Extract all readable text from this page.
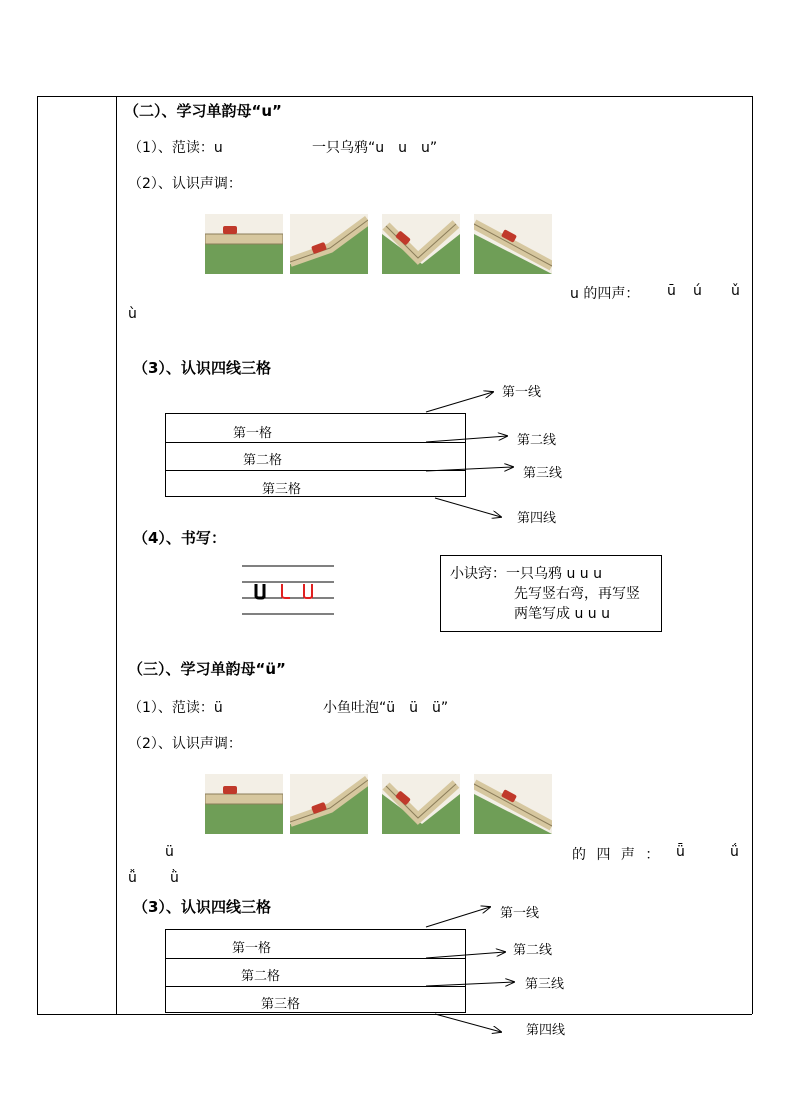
（二）、学习单韵母“u”
（1）、范读：u	一只乌鸦“u　u　u”
（2）、认识声调：
u 的四声： ū ú ǔ
ù
（3）、认识四线三格
第一格
第二格
第三格
第一线
第二线
第三线
第四线
（4）、书写：
小诀窍：一只乌鸦 u u u
先写竖右弯，再写竖
两笔写成 u u u
（三）、学习单韵母“ü”
（1）、范读：ü	小鱼吐泡“ü　ü　ü”
（2）、认识声调：
ü	的 四 声 ： ǖ	ǘ
ǚ ǜ
（3）、认识四线三格
第一格
第二格
第三格
第一线
第二线
第三线
第四线
